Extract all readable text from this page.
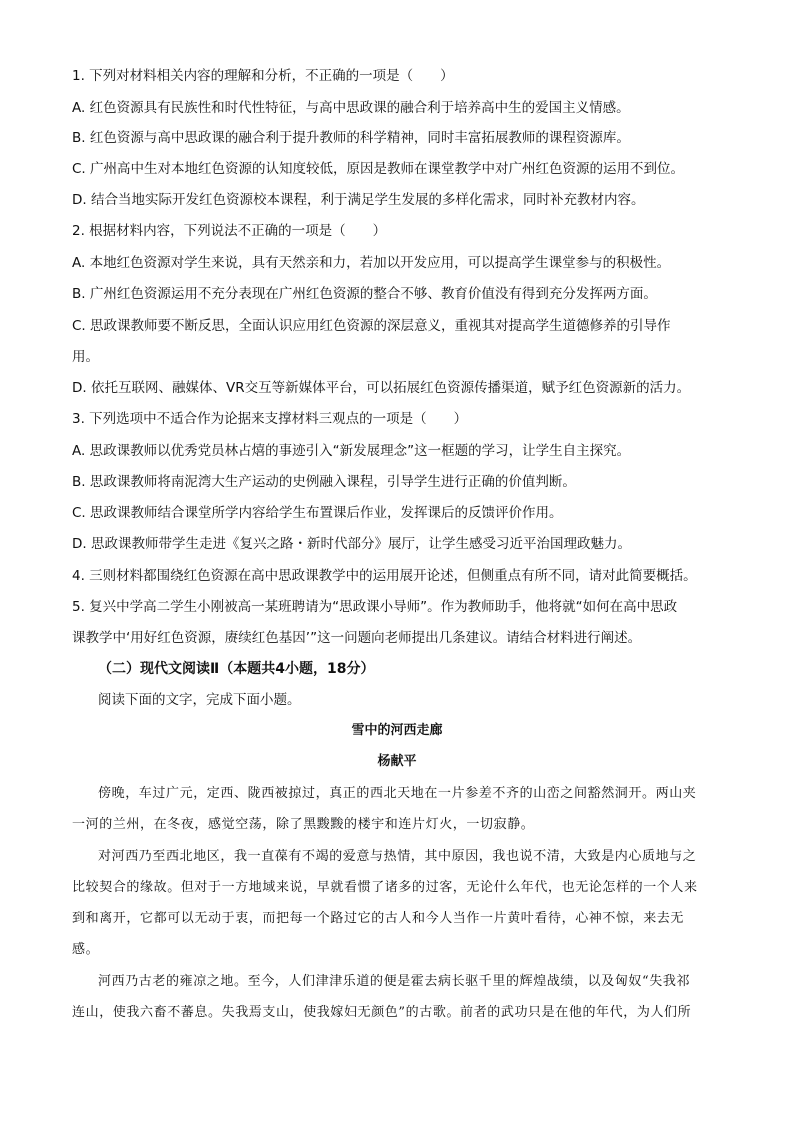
1. 下列对材料相关内容的理解和分析，不正确的一项是（　　）
A. 红色资源具有民族性和时代性特征，与高中思政课的融合利于培养高中生的爱国主义情感。
B. 红色资源与高中思政课的融合利于提升教师的科学精神，同时丰富拓展教师的课程资源库。
C. 广州高中生对本地红色资源的认知度较低，原因是教师在课堂教学中对广州红色资源的运用不到位。
D. 结合当地实际开发红色资源校本课程，利于满足学生发展的多样化需求，同时补充教材内容。
2. 根据材料内容，下列说法不正确的一项是（　　）
A. 本地红色资源对学生来说，具有天然亲和力，若加以开发应用，可以提高学生课堂参与的积极性。
B. 广州红色资源运用不充分表现在广州红色资源的整合不够、教育价值没有得到充分发挥两方面。
C. 思政课教师要不断反思，全面认识应用红色资源的深层意义，重视其对提高学生道德修养的引导作
用。
D. 依托互联网、融媒体、VR交互等新媒体平台，可以拓展红色资源传播渠道，赋予红色资源新的活力。
3. 下列选项中不适合作为论据来支撑材料三观点的一项是（　　）
A. 思政课教师以优秀党员林占熺的事迹引入“新发展理念”这一框题的学习，让学生自主探究。
B. 思政课教师将南泥湾大生产运动的史例融入课程，引导学生进行正确的价值判断。
C. 思政课教师结合课堂所学内容给学生布置课后作业，发挥课后的反馈评价作用。
D. 思政课教师带学生走进《复兴之路・新时代部分》展厅，让学生感受习近平治国理政魅力。
4. 三则材料都围绕红色资源在高中思政课教学中的运用展开论述，但侧重点有所不同，请对此简要概括。
5. 复兴中学高二学生小刚被高一某班聘请为“思政课小导师”。作为教师助手，他将就“如何在高中思政
课教学中‘用好红色资源，赓续红色基因’”这一问题向老师提出几条建议。请结合材料进行阐述。
（二）现代文阅读Ⅱ（本题共4小题，18分）
阅读下面的文字，完成下面小题。
雪中的河西走廊
杨献平
傍晚，车过广元，定西、陇西被掠过，真正的西北天地在一片参差不齐的山峦之间豁然洞开。两山夹
一河的兰州，在冬夜，感觉空荡，除了黑黢黢的楼宇和连片灯火，一切寂静。
对河西乃至西北地区，我一直葆有不竭的爱意与热情，其中原因，我也说不清，大致是内心质地与之
比较契合的缘故。但对于一方地域来说，早就看惯了诸多的过客，无论什么年代，也无论怎样的一个人来
到和离开，它都可以无动于衷，而把每一个路过它的古人和今人当作一片黄叶看待，心神不惊，来去无
感。
河西乃古老的雍凉之地。至今，人们津津乐道的便是霍去病长驱千里的辉煌战绩，以及匈奴“失我祁
连山，使我六畜不蕃息。失我焉支山，使我嫁妇无颜色”的古歌。前者的武功只是在他的年代，为人们所
